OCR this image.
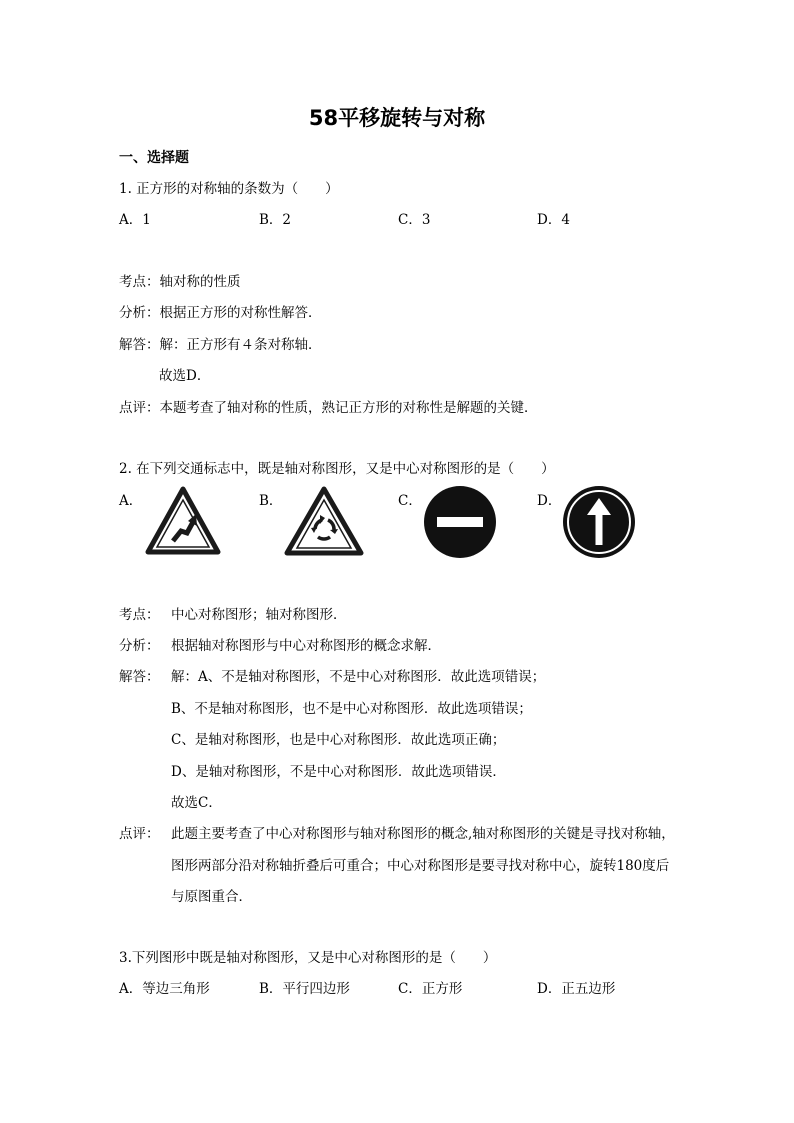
58平移旋转与对称
一、选择题
1. 正方形的对称轴的条数为（　　）
A．1	B．2	C．3	D．4
考点：轴对称的性质
分析：根据正方形的对称性解答．
解答：解：正方形有４条对称轴．
故选D．
点评：本题考查了轴对称的性质，熟记正方形的对称性是解题的关键．
2. 在下列交通标志中，既是轴对称图形，又是中心对称图形的是（　　）
A．	B．	C．	D．
考点： 中心对称图形；轴对称图形．
分析： 根据轴对称图形与中心对称图形的概念求解．
解答： 解：A、不是轴对称图形，不是中心对称图形．故此选项错误；
B、不是轴对称图形，也不是中心对称图形．故此选项错误；
C、是轴对称图形，也是中心对称图形．故此选项正确；
D、是轴对称图形，不是中心对称图形．故此选项错误．
故选C．
点评： 此题主要考查了中心对称图形与轴对称图形的概念,轴对称图形的关键是寻找对称轴，
图形两部分沿对称轴折叠后可重合；中心对称图形是要寻找对称中心，旋转180度后
与原图重合．
3.下列图形中既是轴对称图形，又是中心对称图形的是（　　）
A．等边三角形	B．平行四边形	C．正方形	D．正五边形
